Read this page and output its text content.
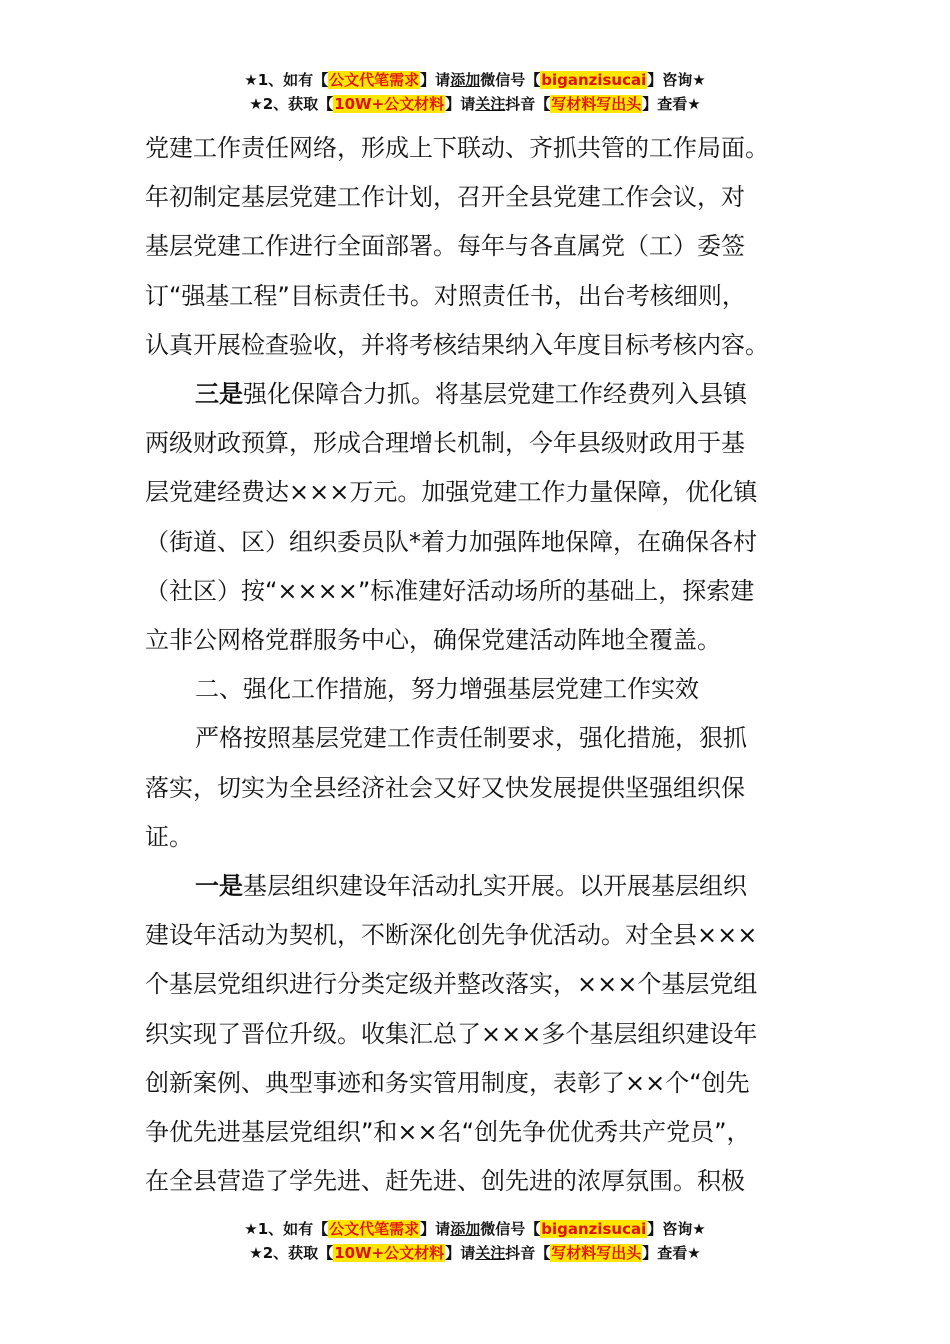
★1、如有【公文代笔需求】请添加微信号【biganzisucai】咨询★
★2、获取【10W+公文材料】请关注抖音【写材料写出头】查看★
党建工作责任网络，形成上下联动、齐抓共管的工作局面。
年初制定基层党建工作计划，召开全县党建工作会议，对
基层党建工作进行全面部署。每年与各直属党（工）委签
订“强基工程”目标责任书。对照责任书，出台考核细则，
认真开展检查验收，并将考核结果纳入年度目标考核内容。
三是强化保障合力抓。将基层党建工作经费列入县镇
两级财政预算，形成合理增长机制，今年县级财政用于基
层党建经费达×××万元。加强党建工作力量保障，优化镇
（街道、区）组织委员队*着力加强阵地保障，在确保各村
（社区）按“××××”标准建好活动场所的基础上，探索建
立非公网格党群服务中心，确保党建活动阵地全覆盖。
二、强化工作措施，努力增强基层党建工作实效
严格按照基层党建工作责任制要求，强化措施，狠抓
落实，切实为全县经济社会又好又快发展提供坚强组织保
证。
一是基层组织建设年活动扎实开展。以开展基层组织
建设年活动为契机，不断深化创先争优活动。对全县×××
个基层党组织进行分类定级并整改落实，×××个基层党组
织实现了晋位升级。收集汇总了×××多个基层组织建设年
创新案例、典型事迹和务实管用制度，表彰了××个“创先
争优先进基层党组织”和××名“创先争优优秀共产党员”，
在全县营造了学先进、赶先进、创先进的浓厚氛围。积极
★1、如有【公文代笔需求】请添加微信号【biganzisucai】咨询★
★2、获取【10W+公文材料】请关注抖音【写材料写出头】查看★
